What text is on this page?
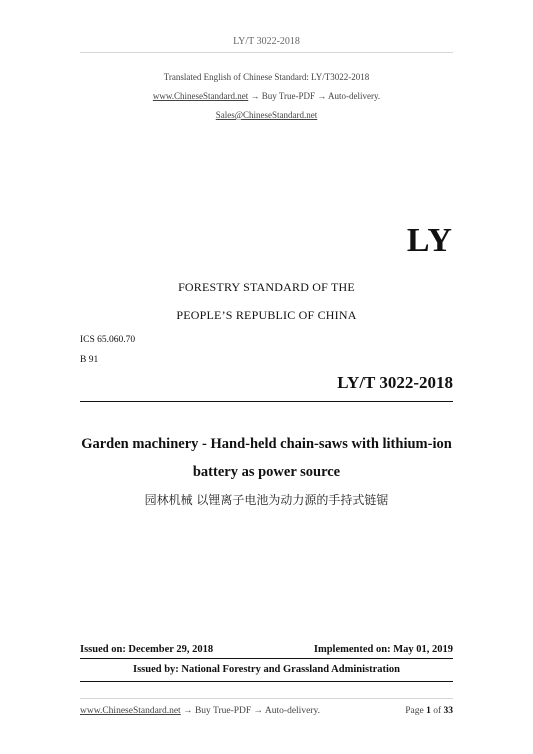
LY/T 3022-2018
Translated English of Chinese Standard: LY/T3022-2018
www.ChineseStandard.net → Buy True-PDF → Auto-delivery.
Sales@ChineseStandard.net
LY
FORESTRY STANDARD OF THE
PEOPLE’S REPUBLIC OF CHINA
ICS 65.060.70
B 91
LY/T 3022-2018
Garden machinery - Hand-held chain-saws with lithium-ion
battery as power source
园林机械 以锂离子电池为动力源的手持式链锯
Issued on: December 29, 2018	Implemented on: May 01, 2019
Issued by: National Forestry and Grassland Administration
www.ChineseStandard.net → Buy True-PDF → Auto-delivery.	Page 1 of 33
